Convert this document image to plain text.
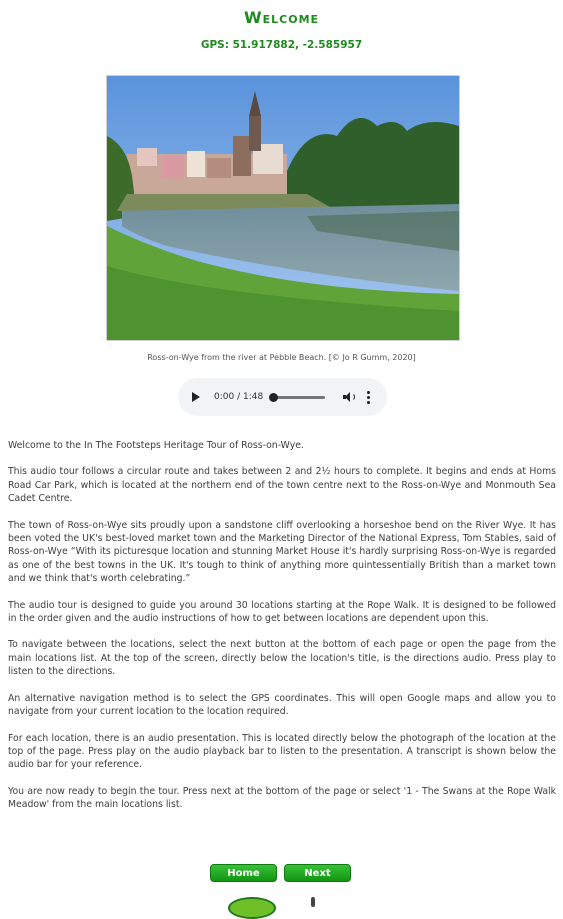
Welcome
GPS: 51.917882, -2.585957
Ross-on-Wye from the river at Pebble Beach. [© Jo R Gumm, 2020]
0:00 / 1:48

Welcome to the In The Footsteps Heritage Tour of Ross-on-Wye.

This audio tour follows a circular route and takes between 2 and 2½ hours to complete. It begins and ends at Homs Road Car Park, which is located at the northern end of the town centre next to the Ross-on-Wye and Monmouth Sea Cadet Centre.

The town of Ross-on-Wye sits proudly upon a sandstone cliff overlooking a horseshoe bend on the River Wye. It has been voted the UK's best-loved market town and the Marketing Director of the National Express, Tom Stables, said of Ross-on-Wye “With its picturesque location and stunning Market House it's hardly surprising Ross-on-Wye is regarded as one of the best towns in the UK. It's tough to think of anything more quintessentially British than a market town and we think that's worth celebrating.”

The audio tour is designed to guide you around 30 locations starting at the Rope Walk. It is designed to be followed in the order given and the audio instructions of how to get between locations are dependent upon this.

To navigate between the locations, select the next button at the bottom of each page or open the page from the main locations list. At the top of the screen, directly below the location's title, is the directions audio. Press play to listen to the directions.

An alternative navigation method is to select the GPS coordinates. This will open Google maps and allow you to navigate from your current location to the location required.

For each location, there is an audio presentation. This is located directly below the photograph of the location at the top of the page. Press play on the audio playback bar to listen to the presentation. A transcript is shown below the audio bar for your reference.

You are now ready to begin the tour. Press next at the bottom of the page or select '1 - The Swans at the Rope Walk Meadow' from the main locations list.

Home	Next
